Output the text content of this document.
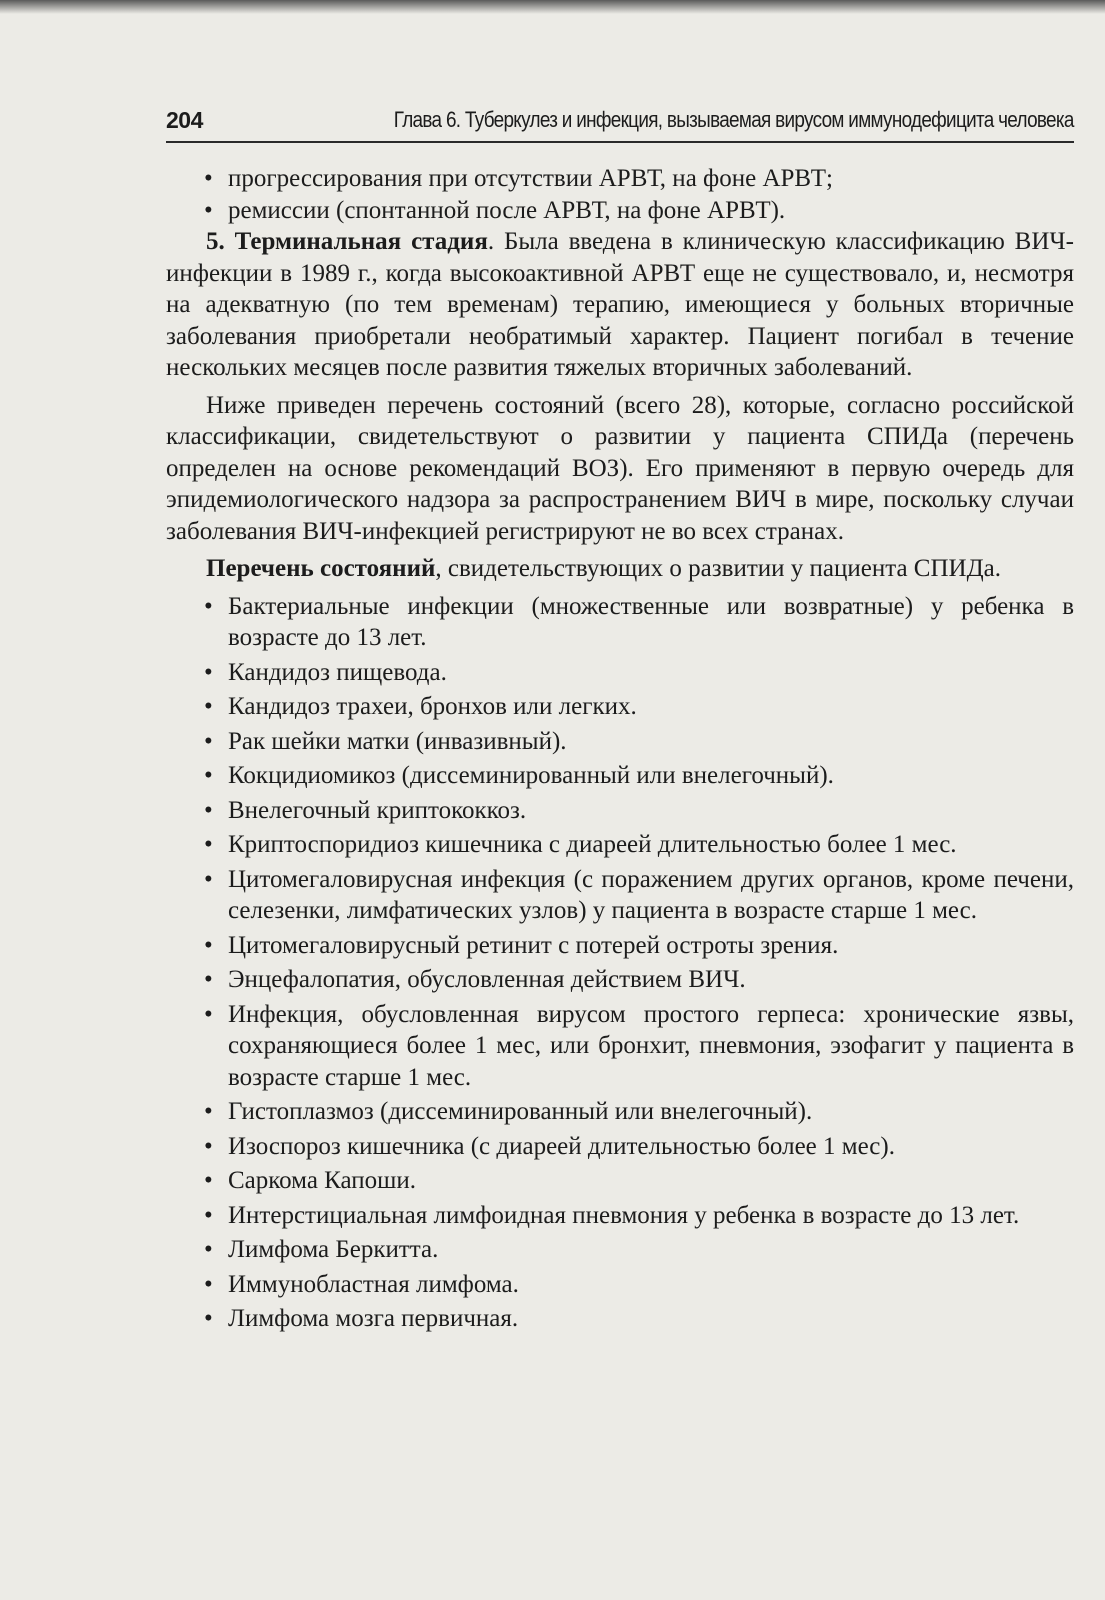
204	Глава 6. Туберкулез и инфекция, вызываемая вирусом иммунодефицита человека
• прогрессирования при отсутствии АРВТ, на фоне АРВТ;
• ремиссии (спонтанной после АРВТ, на фоне АРВТ).

5. Терминальная стадия. Была введена в клиническую классификацию ВИЧ-инфекции в 1989 г., когда высокоактивной АРВТ еще не существовало, и, несмотря на адекватную (по тем временам) терапию, имеющиеся у больных вторичные заболевания приобретали необратимый характер. Пациент погибал в течение нескольких месяцев после развития тяжелых вторичных заболеваний.

Ниже приведен перечень состояний (всего 28), которые, согласно российской классификации, свидетельствуют о развитии у пациента СПИДа (перечень определен на основе рекомендаций ВОЗ). Его применяют в первую очередь для эпидемиологического надзора за распространением ВИЧ в мире, поскольку случаи заболевания ВИЧ-инфекцией регистрируют не во всех странах.

Перечень состояний, свидетельствующих о развитии у пациента СПИДа.

• Бактериальные инфекции (множественные или возвратные) у ребенка в возрасте до 13 лет.
• Кандидоз пищевода.
• Кандидоз трахеи, бронхов или легких.
• Рак шейки матки (инвазивный).
• Кокцидиомикоз (диссеминированный или внелегочный).
• Внелегочный криптококкоз.
• Криптоспоридиоз кишечника с диареей длительностью более 1 мес.
• Цитомегаловирусная инфекция (с поражением других органов, кроме печени, селезенки, лимфатических узлов) у пациента в возрасте старше 1 мес.
• Цитомегаловирусный ретинит с потерей остроты зрения.
• Энцефалопатия, обусловленная действием ВИЧ.
• Инфекция, обусловленная вирусом простого герпеса: хронические язвы, сохраняющиеся более 1 мес, или бронхит, пневмония, эзофагит у пациента в возрасте старше 1 мес.
• Гистоплазмоз (диссеминированный или внелегочный).
• Изоспороз кишечника (с диареей длительностью более 1 мес).
• Саркома Капоши.
• Интерстициальная лимфоидная пневмония у ребенка в возрасте до 13 лет.
• Лимфома Беркитта.
• Иммунобластная лимфома.
• Лимфома мозга первичная.
